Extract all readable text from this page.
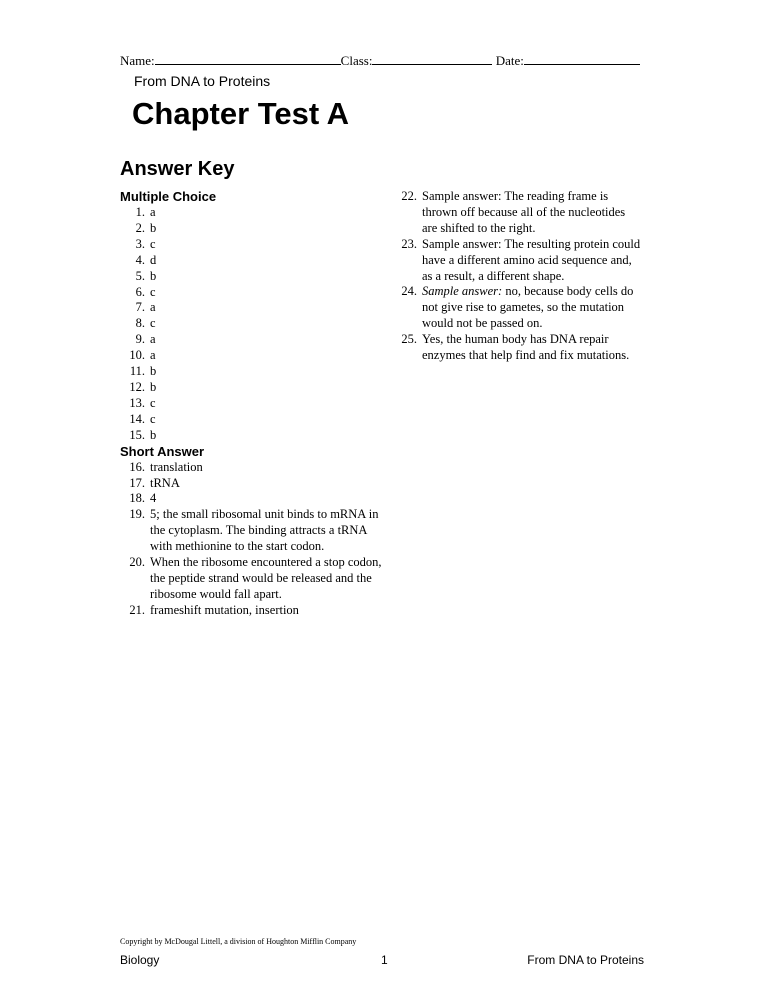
Name:	Class:	Date:
From DNA to Proteins
Chapter Test A
Answer Key
Multiple Choice
1. a
2. b
3. c
4. d
5. b
6. c
7. a
8. c
9. a
10. a
11. b
12. b
13. c
14. c
15. b
Short Answer
16. translation
17. tRNA
18. 4
19. 5; the small ribosomal unit binds to mRNA in the cytoplasm. The binding attracts a tRNA with methionine to the start codon.
20. When the ribosome encountered a stop codon, the peptide strand would be released and the ribosome would fall apart.
21. frameshift mutation, insertion
22. Sample answer: The reading frame is thrown off because all of the nucleotides are shifted to the right.
23. Sample answer: The resulting protein could have a different amino acid sequence and, as a result, a different shape.
24. Sample answer: no, because body cells do not give rise to gametes, so the mutation would not be passed on.
25. Yes, the human body has DNA repair enzymes that help find and fix mutations.
Copyright by McDougal Littell, a division of Houghton Mifflin Company
Biology	1	From DNA to Proteins
